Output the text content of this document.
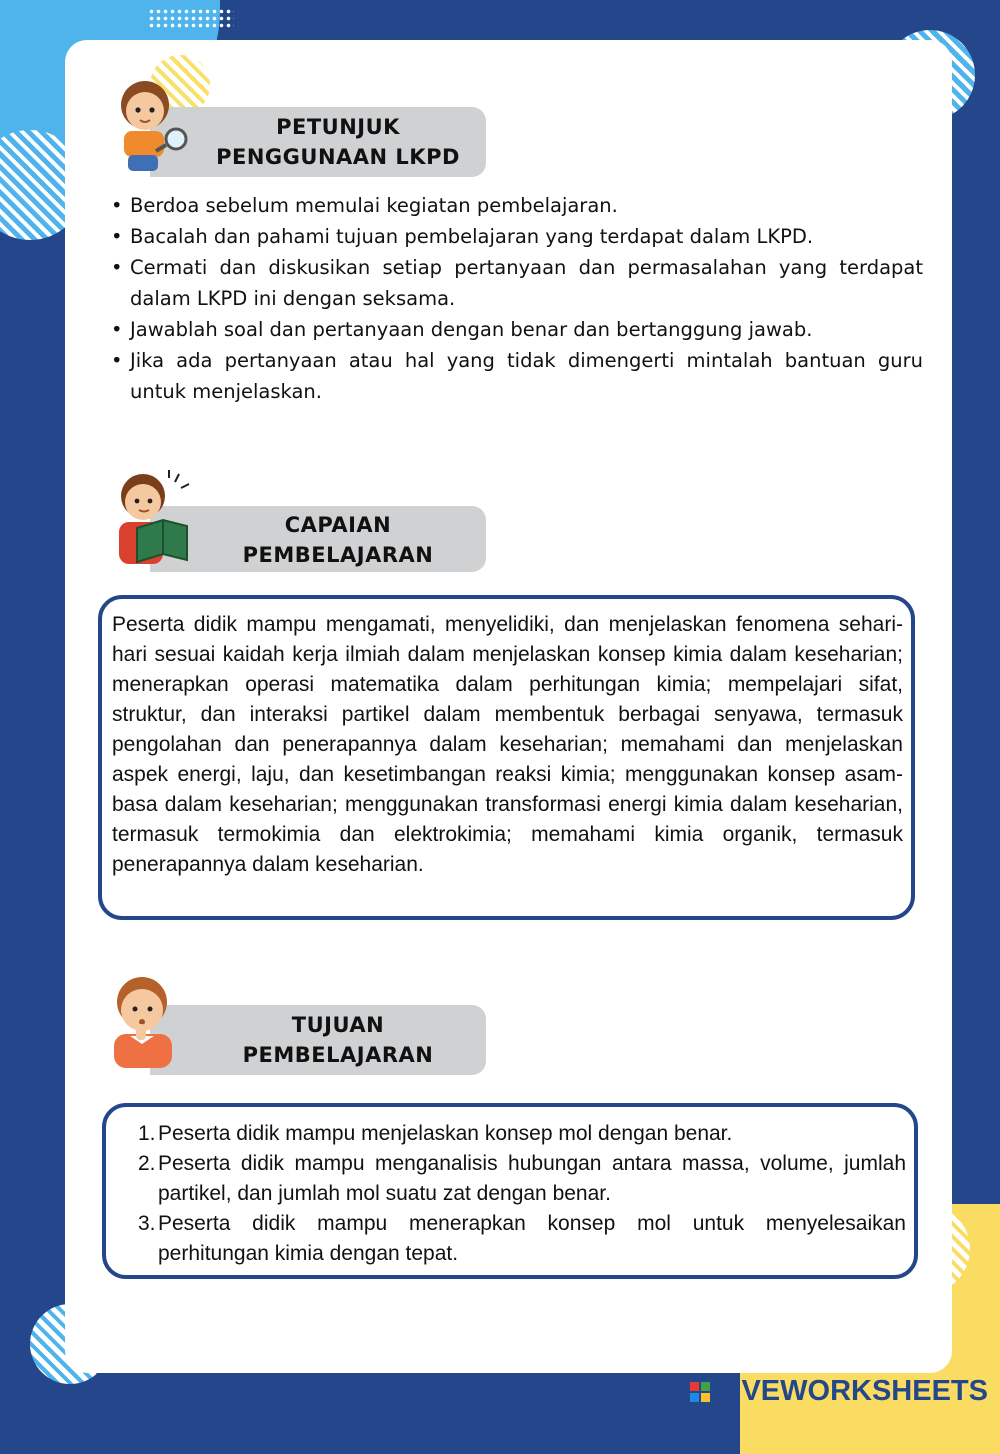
PETUNJUK
PENGGUNAAN LKPD
• Berdoa sebelum memulai kegiatan pembelajaran.
• Bacalah dan pahami tujuan pembelajaran yang terdapat dalam LKPD.
• Cermati dan diskusikan setiap pertanyaan dan permasalahan yang terdapat dalam LKPD ini dengan seksama.
• Jawablah soal dan pertanyaan dengan benar dan bertanggung jawab.
• Jika ada pertanyaan atau hal yang tidak dimengerti mintalah bantuan guru untuk menjelaskan.
CAPAIAN
PEMBELAJARAN

Peserta didik mampu mengamati, menyelidiki, dan menjelaskan fenomena sehari-hari sesuai kaidah kerja ilmiah dalam menjelaskan konsep kimia dalam keseharian; menerapkan operasi matematika dalam perhitungan kimia; mempelajari sifat, struktur, dan interaksi partikel dalam membentuk berbagai senyawa, termasuk pengolahan dan penerapannya dalam keseharian; memahami dan menjelaskan aspek energi, laju, dan kesetimbangan reaksi kimia; menggunakan konsep asam-basa dalam keseharian; menggunakan transformasi energi kimia dalam keseharian, termasuk termokimia dan elektrokimia; memahami kimia organik, termasuk penerapannya dalam keseharian.

TUJUAN
PEMBELAJARAN
1. Peserta didik mampu menjelaskan konsep mol dengan benar.
2. Peserta didik mampu menganalisis hubungan antara massa, volume, jumlah partikel, dan jumlah mol suatu zat dengan benar.
3. Peserta didik mampu menerapkan konsep mol untuk menyelesaikan perhitungan kimia dengan tepat.
LIVEWORKSHEETS
